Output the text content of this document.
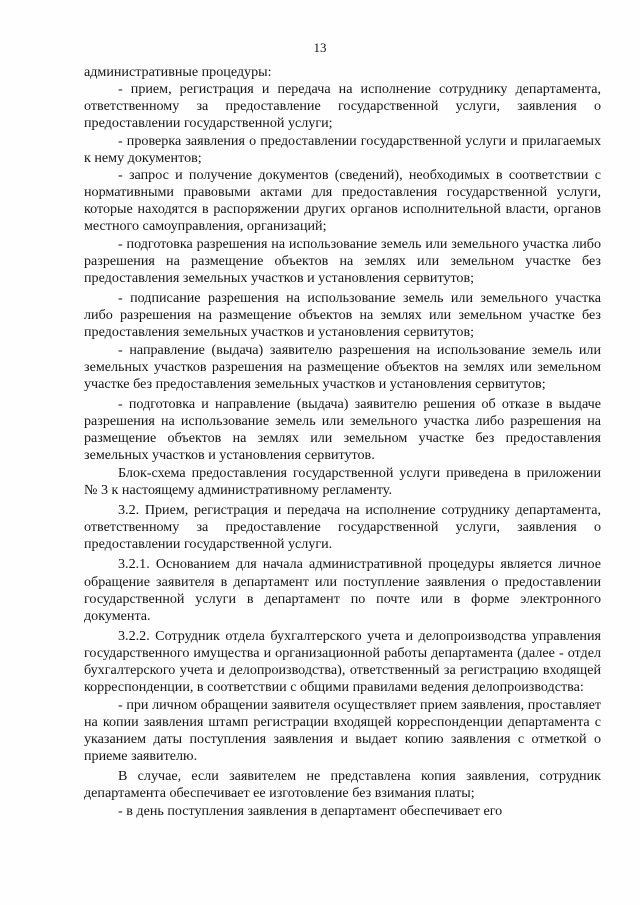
13

административные процедуры:

- прием, регистрация и передача на исполнение сотруднику департамента, ответственному за предоставление государственной услуги, заявления о предоставлении государственной услуги;

- проверка заявления о предоставлении государственной услуги и прилагаемых к нему документов;

- запрос и получение документов (сведений), необходимых в соответствии с нормативными правовыми актами для предоставления государственной услуги, которые находятся в распоряжении других органов исполнительной власти, органов местного самоуправления, организаций;

- подготовка разрешения на использование земель или земельного участка либо разрешения на размещение объектов на землях или земельном участке без предоставления земельных участков и установления сервитутов;

- подписание разрешения на использование земель или земельного участка либо разрешения на размещение объектов на землях или земельном участке без предоставления земельных участков и установления сервитутов;

- направление (выдача) заявителю разрешения на использование земель или земельных участков разрешения на размещение объектов на землях или земельном участке без предоставления земельных участков и установления сервитутов;

- подготовка и направление (выдача) заявителю решения об отказе в выдаче разрешения на использование земель или земельного участка либо разрешения на размещение объектов на землях или земельном участке без предоставления земельных участков и установления сервитутов.

Блок-схема предоставления государственной услуги приведена в приложении № 3 к настоящему административному регламенту.

3.2. Прием, регистрация и передача на исполнение сотруднику департамента, ответственному за предоставление государственной услуги, заявления о предоставлении государственной услуги.

3.2.1. Основанием для начала административной процедуры является личное обращение заявителя в департамент или поступление заявления о предоставлении государственной услуги в департамент по почте или в форме электронного документа.

3.2.2. Сотрудник отдела бухгалтерского учета и делопроизводства управления государственного имущества и организационной работы департамента (далее - отдел бухгалтерского учета и делопроизводства), ответственный за регистрацию входящей корреспонденции, в соответствии с общими правилами ведения делопроизводства:

- при личном обращении заявителя осуществляет прием заявления, проставляет на копии заявления штамп регистрации входящей корреспонденции департамента с указанием даты поступления заявления и выдает копию заявления с отметкой о приеме заявителю.

В случае, если заявителем не представлена копия заявления, сотрудник департамента обеспечивает ее изготовление без взимания платы;

- в день поступления заявления в департамент обеспечивает его
